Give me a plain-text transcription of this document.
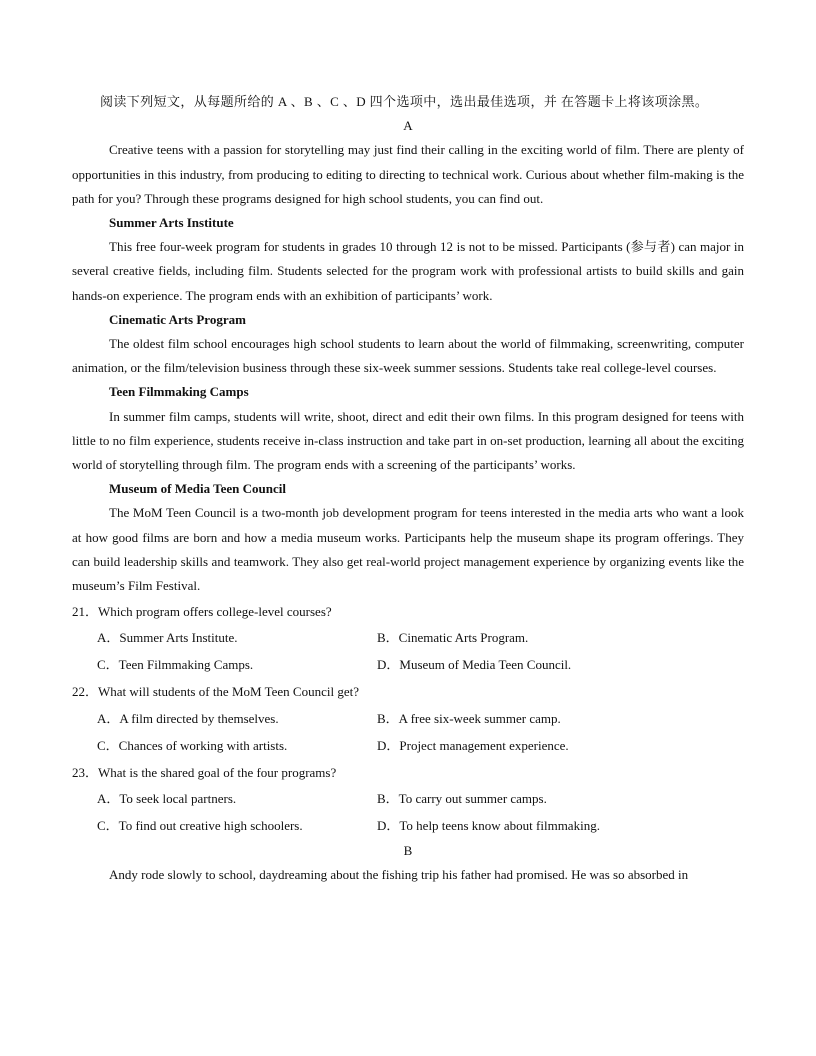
阅读下列短文，从每题所给的 A 、B 、C 、D 四个选项中，选出最佳选项，并 在答题卡上将该项涂黑。

A

Creative teens with a passion for storytelling may just find their calling in the exciting world of film. There are plenty of opportunities in this industry, from producing to editing to directing to technical work. Curious about whether film-making is the path for you? Through these programs designed for high school students, you can find out.

Summer Arts Institute

This free four-week program for students in grades 10 through 12 is not to be missed. Participants (参与者) can major in several creative fields, including film. Students selected for the program work with professional artists to build skills and gain hands-on experience. The program ends with an exhibition of participants’ work.

Cinematic Arts Program

The oldest film school encourages high school students to learn about the world of filmmaking, screenwriting, computer animation, or the film/television business through these six-week summer sessions. Students take real college-level courses.

Teen Filmmaking Camps

In summer film camps, students will write, shoot, direct and edit their own films. In this program designed for teens with little to no film experience, students receive in-class instruction and take part in on-set production, learning all about the exciting world of storytelling through film. The program ends with a screening of the participants’ works.

Museum of Media Teen Council

The MoM Teen Council is a two-month job development program for teens interested in the media arts who want a look at how good films are born and how a media museum works. Participants help the museum shape its program offerings. They can build leadership skills and teamwork. They also get real-world project management experience by organizing events like the museum’s Film Festival.

21．Which program offers college-level courses?

A．Summer Arts Institute.	B．Cinematic Arts Program.
C．Teen Filmmaking Camps.	D．Museum of Media Teen Council.

22．What will students of the MoM Teen Council get?

A．A film directed by themselves.	B．A free six-week summer camp.
C．Chances of working with artists.	D．Project management experience.

23．What is the shared goal of the four programs?

A．To seek local partners.	B．To carry out summer camps.
C．To find out creative high schoolers.	D．To help teens know about filmmaking.

B

Andy rode slowly to school, daydreaming about the fishing trip his father had promised. He was so absorbed in
